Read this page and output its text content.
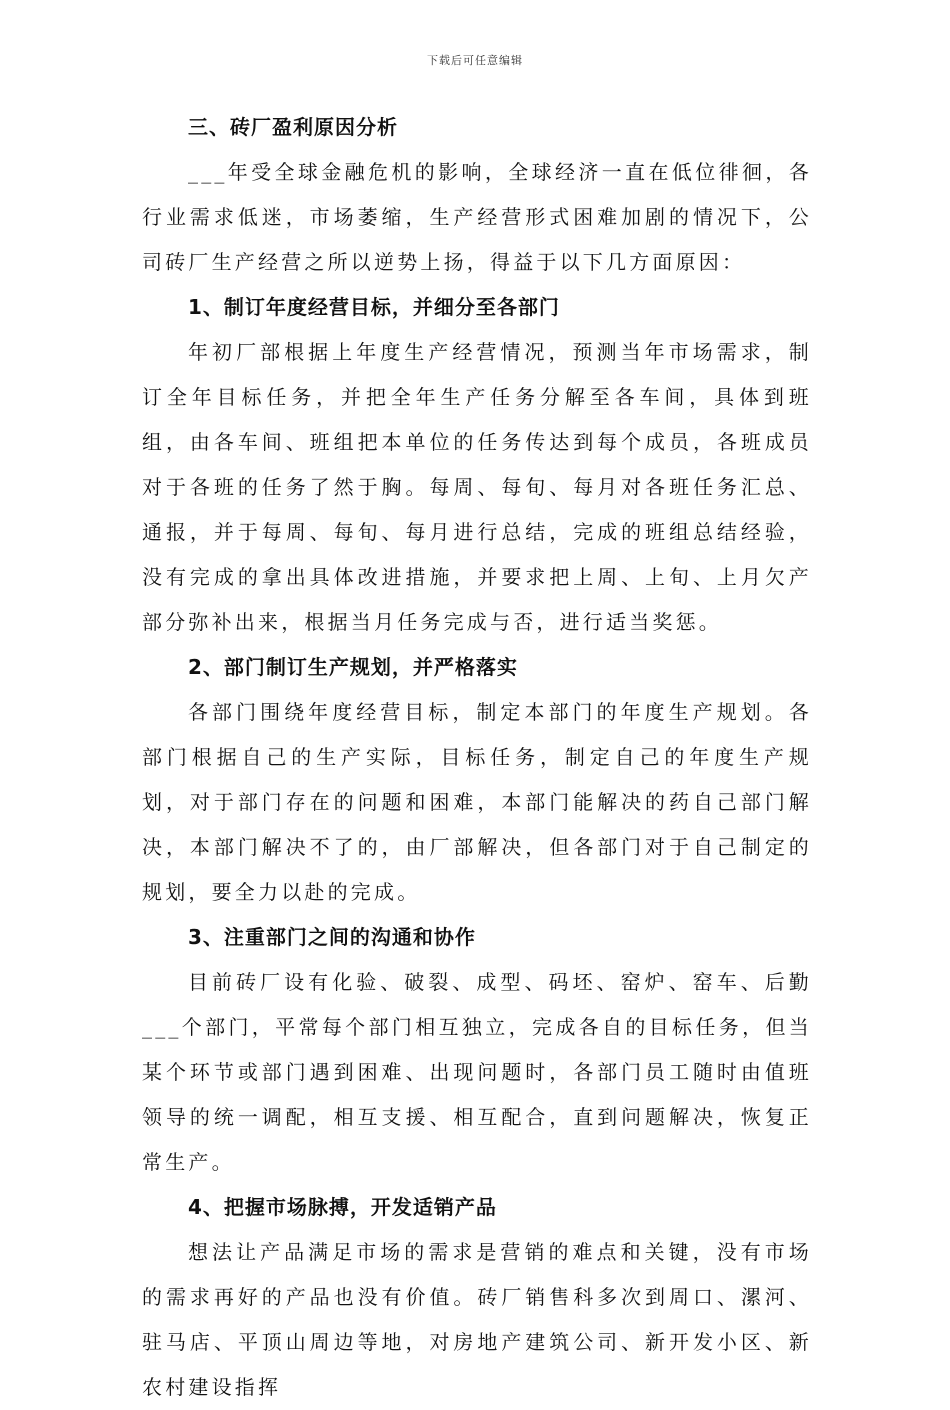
下载后可任意编辑
三、砖厂盈利原因分析

___年受全球金融危机的影响，全球经济一直在低位徘徊，各行业需求低迷，市场萎缩，生产经营形式困难加剧的情况下，公司砖厂生产经营之所以逆势上扬，得益于以下几方面原因：

1、制订年度经营目标，并细分至各部门

年初厂部根据上年度生产经营情况，预测当年市场需求，制订全年目标任务，并把全年生产任务分解至各车间，具体到班组，由各车间、班组把本单位的任务传达到每个成员，各班成员对于各班的任务了然于胸。每周、每旬、每月对各班任务汇总、通报，并于每周、每旬、每月进行总结，完成的班组总结经验，没有完成的拿出具体改进措施，并要求把上周、上旬、上月欠产部分弥补出来，根据当月任务完成与否，进行适当奖惩。

2、部门制订生产规划，并严格落实

各部门围绕年度经营目标，制定本部门的年度生产规划。各部门根据自己的生产实际，目标任务，制定自己的年度生产规划，对于部门存在的问题和困难，本部门能解决的药自己部门解决，本部门解决不了的，由厂部解决，但各部门对于自己制定的规划，要全力以赴的完成。

3、注重部门之间的沟通和协作

目前砖厂设有化验、破裂、成型、码坯、窑炉、窑车、后勤___个部门，平常每个部门相互独立，完成各自的目标任务，但当某个环节或部门遇到困难、出现问题时，各部门员工随时由值班领导的统一调配，相互支援、相互配合，直到问题解决，恢复正常生产。

4、把握市场脉搏，开发适销产品

想法让产品满足市场的需求是营销的难点和关键，没有市场的需求再好的产品也没有价值。砖厂销售科多次到周口、漯河、驻马店、平顶山周边等地，对房地产建筑公司、新开发小区、新农村建设指挥
